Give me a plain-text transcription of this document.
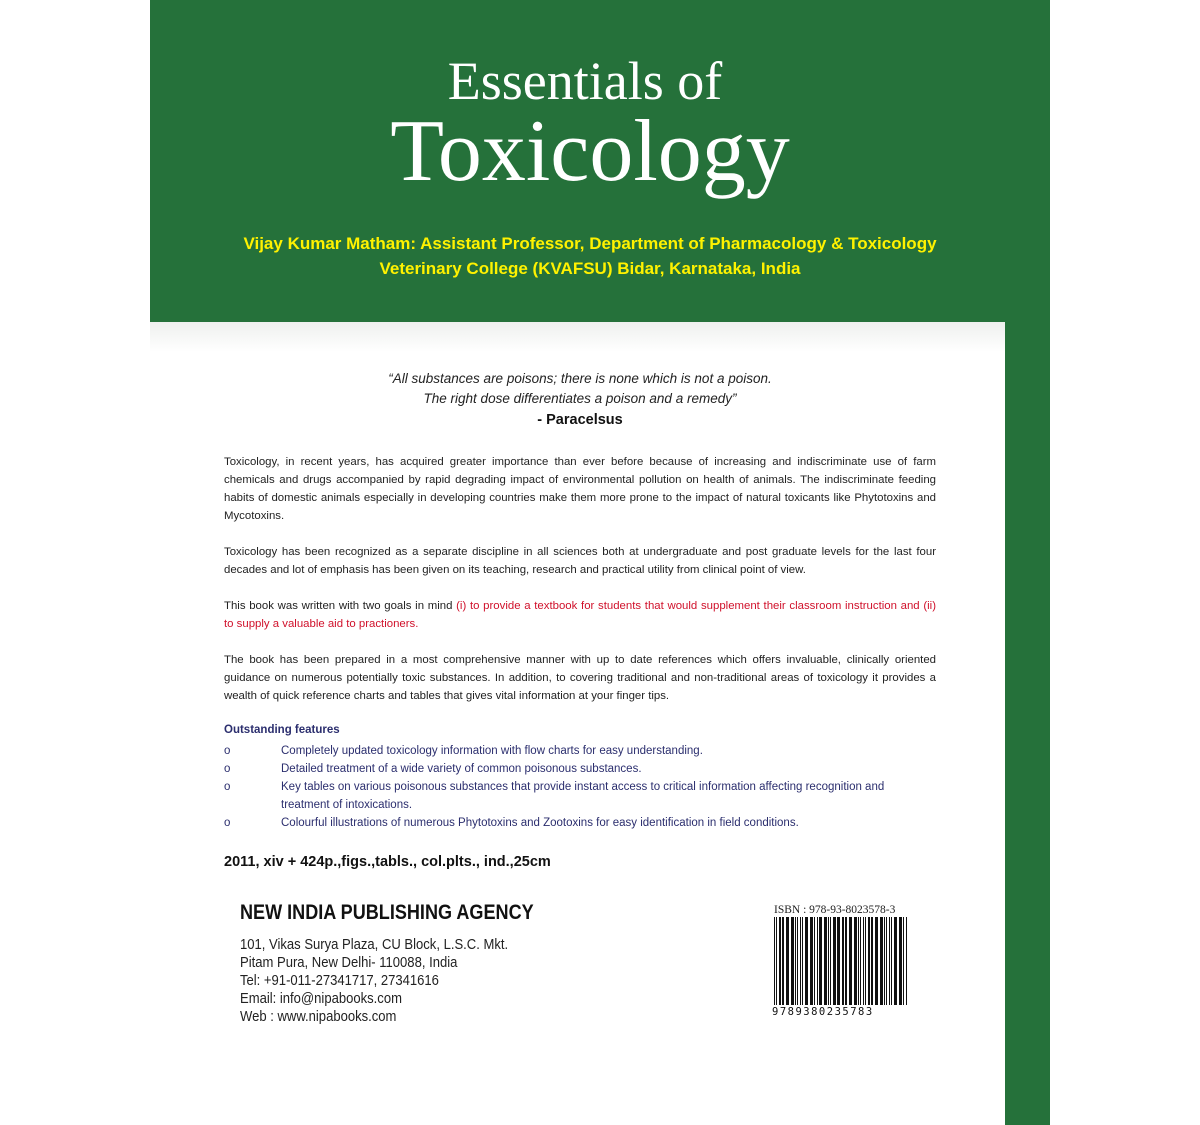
Essentials of
Toxicology
Vijay Kumar Matham: Assistant Professor, Department of Pharmacology & Toxicology
Veterinary College (KVAFSU) Bidar, Karnataka, India
“All substances are poisons; there is none which is not a poison.
The right dose differentiates a poison and a remedy”
- Paracelsus

Toxicology, in recent years, has acquired greater importance than ever before because of increasing and indiscriminate use of farm chemicals and drugs accompanied by rapid degrading impact of environmental pollution on health of animals. The indiscriminate feeding habits of domestic animals especially in developing countries make them more prone to the impact of natural toxicants like Phytotoxins and Mycotoxins.

Toxicology has been recognized as a separate discipline in all sciences both at undergraduate and post graduate levels for the last four decades and lot of emphasis has been given on its teaching, research and practical utility from clinical point of view.

This book was written with two goals in mind (i) to provide a textbook for students that would supplement their classroom instruction and (ii) to supply a valuable aid to practioners.

The book has been prepared in a most comprehensive manner with up to date references which offers invaluable, clinically oriented guidance on numerous potentially toxic substances. In addition, to covering traditional and non-traditional areas of toxicology it provides a wealth of quick reference charts and tables that gives vital information at your finger tips.

Outstanding features
o	Completely updated toxicology information with flow charts for easy understanding.
o	Detailed treatment of a wide variety of common poisonous substances.
o	Key tables on various poisonous substances that provide instant access to critical information affecting recognition and treatment of intoxications.
o	Colourful illustrations of numerous Phytotoxins and Zootoxins for easy identification in field conditions.
2011, xiv + 424p.,figs.,tabls., col.plts., ind.,25cm
NEW INDIA PUBLISHING AGENCY
101, Vikas Surya Plaza, CU Block, L.S.C. Mkt.
Pitam Pura, New Delhi- 110088, India
Tel: +91-011-27341717, 27341616
Email: info@nipabooks.com
Web : www.nipabooks.com
ISBN : 978-93-8023578-3
9789380235783
